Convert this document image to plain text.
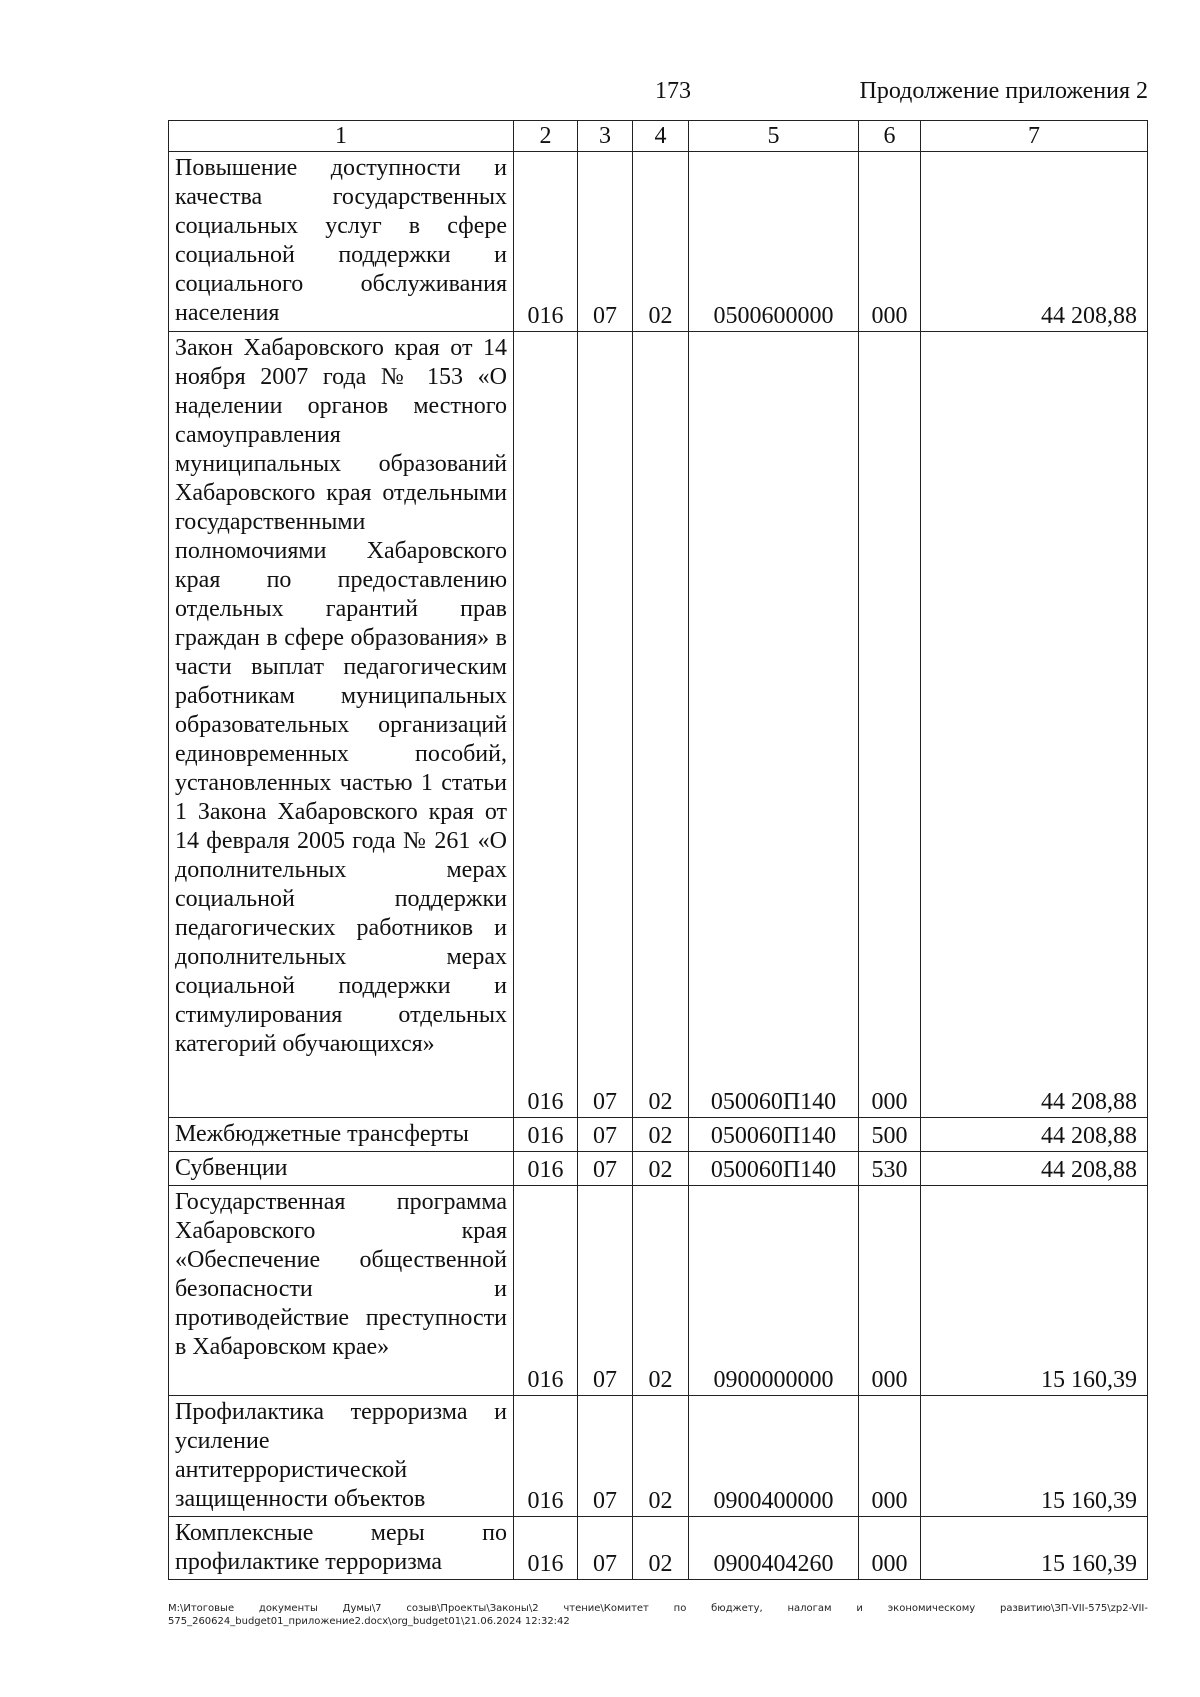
173	Продолжение приложения 2
1	2	3	4	5	6	7

Повышение доступности и качества государственных социальных услуг в сфере социальной поддержки и социального обслуживания населения	016	07	02	0500600000	000	44 208,88

Закон Хабаровского края от 14 ноября 2007 года № 153 «О наделении органов местного самоуправления муниципальных образований Хабаровского края отдельными государственными полномочиями Хабаровского края по предоставлению отдельных гарантий прав граждан в сфере образования» в части выплат педагогическим работникам муниципальных образовательных организаций единовременных пособий, установленных частью 1 статьи 1 Закона Хабаровского края от 14 февраля 2005 года № 261 «О дополнительных мерах социальной поддержки педагогических работников и дополнительных мерах социальной поддержки и стимулирования отдельных категорий обучающихся»	016	07	02	050060П140	000	44 208,88

Межбюджетные трансферты	016	07	02	050060П140	500	44 208,88

Субвенции	016	07	02	050060П140	530	44 208,88

Государственная программа Хабаровского края «Обеспечение общественной безопасности и противодействие преступности в Хабаровском крае»	016	07	02	0900000000	000	15 160,39

Профилактика терроризма и усиление антитеррористической защищенности объектов	016	07	02	0900400000	000	15 160,39

Комплексные меры по профилактике терроризма	016	07	02	0900404260	000	15 160,39
М:\Итоговые документы Думы\7 созыв\Проекты\Законы\2 чтение\Комитет по бюджету, налогам и экономическому развитию\ЗП-VII-575\zp2-VII-575_260624_budget01_приложение2.docx\org_budget01\21.06.2024 12:32:42
